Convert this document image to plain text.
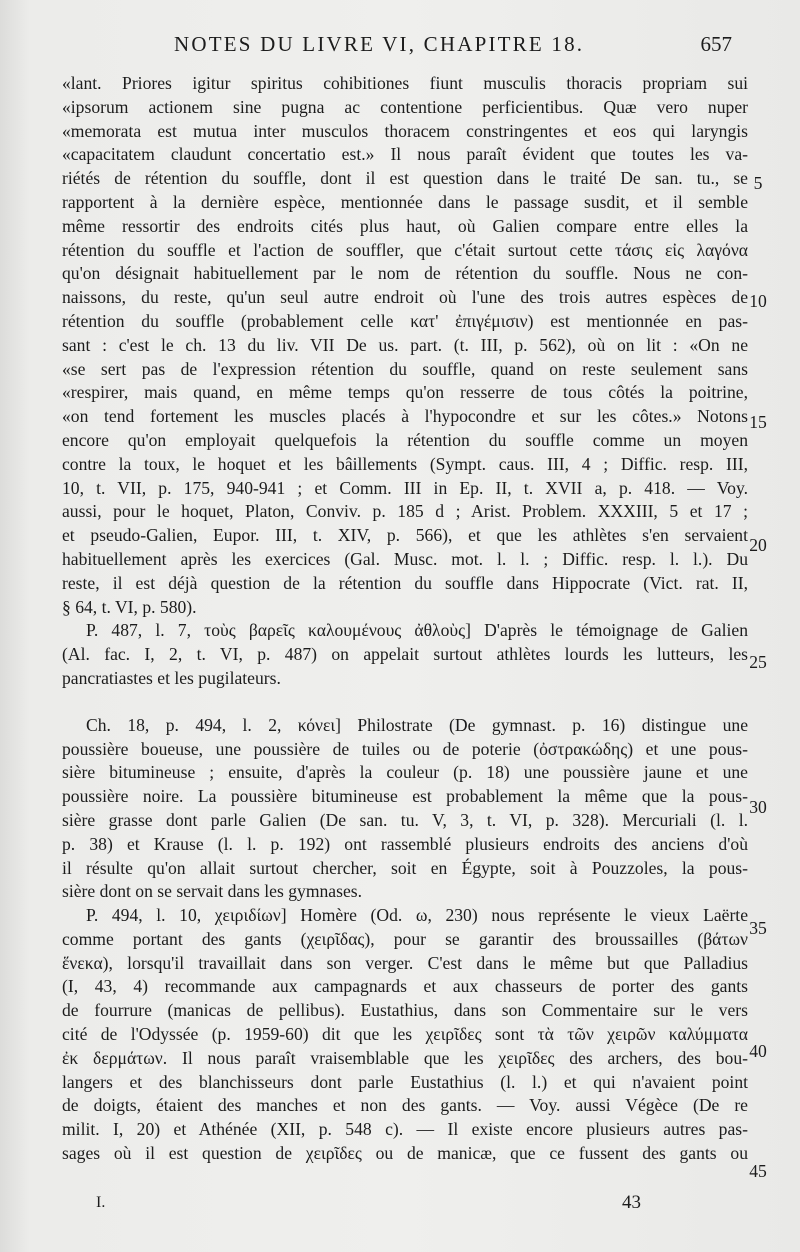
NOTES DU LIVRE VI, CHAPITRE 18.	657
«lant. Priores igitur spiritus cohibitiones fiunt musculis thoracis propriam sui
«ipsorum actionem sine pugna ac contentione perficientibus. Quæ vero nuper
«memorata est mutua inter musculos thoracem constringentes et eos qui laryngis
«capacitatem claudunt concertatio est.» Il nous paraît évident que toutes les va-
riétés de rétention du souffle, dont il est question dans le traité De san. tu., se
rapportent à la dernière espèce, mentionnée dans le passage susdit, et il semble
même ressortir des endroits cités plus haut, où Galien compare entre elles la
rétention du souffle et l'action de souffler, que c'était surtout cette τάσις εἰς λαγόνα
qu'on désignait habituellement par le nom de rétention du souffle. Nous ne con-
naissons, du reste, qu'un seul autre endroit où l'une des trois autres espèces de
rétention du souffle (probablement celle κατ' ἐπιγέμισιν) est mentionnée en pas-
sant : c'est le ch. 13 du liv. VII De us. part. (t. III, p. 562), où on lit : «On ne
«se sert pas de l'expression rétention du souffle, quand on reste seulement sans
«respirer, mais quand, en même temps qu'on resserre de tous côtés la poitrine,
«on tend fortement les muscles placés à l'hypocondre et sur les côtes.» Notons
encore qu'on employait quelquefois la rétention du souffle comme un moyen
contre la toux, le hoquet et les bâillements (Sympt. caus. III, 4 ; Diffic. resp. III,
10, t. VII, p. 175, 940-941 ; et Comm. III in Ep. II, t. XVII a, p. 418. — Voy.
aussi, pour le hoquet, Platon, Conviv. p. 185 d ; Arist. Problem. XXXIII, 5 et 17 ;
et pseudo-Galien, Eupor. III, t. XIV, p. 566), et que les athlètes s'en servaient
habituellement après les exercices (Gal. Musc. mot. l. l. ; Diffic. resp. l. l.). Du
reste, il est déjà question de la rétention du souffle dans Hippocrate (Vict. rat. II,
§ 64, t. VI, p. 580).
P. 487, l. 7, τοὺς βαρεῖς καλουμένους ἀθλοὺς] D'après le témoignage de Galien
(Al. fac. I, 2, t. VI, p. 487) on appelait surtout athlètes lourds les lutteurs, les
pancratiastes et les pugilateurs.
Ch. 18, p. 494, l. 2, κόνει] Philostrate (De gymnast. p. 16) distingue une
poussière boueuse, une poussière de tuiles ou de poterie (ὀστρακώδης) et une pous-
sière bitumineuse ; ensuite, d'après la couleur (p. 18) une poussière jaune et une
poussière noire. La poussière bitumineuse est probablement la même que la pous-
sière grasse dont parle Galien (De san. tu. V, 3, t. VI, p. 328). Mercuriali (l. l.
p. 38) et Krause (l. l. p. 192) ont rassemblé plusieurs endroits des anciens d'où
il résulte qu'on allait surtout chercher, soit en Égypte, soit à Pouzzoles, la pous-
sière dont on se servait dans les gymnases.
P. 494, l. 10, χειριδίων] Homère (Od. ω, 230) nous représente le vieux Laërte
comme portant des gants (χειρῖδας), pour se garantir des broussailles (βάτων
ἕνεκα), lorsqu'il travaillait dans son verger. C'est dans le même but que Palladius
(I, 43, 4) recommande aux campagnards et aux chasseurs de porter des gants
de fourrure (manicas de pellibus). Eustathius, dans son Commentaire sur le vers
cité de l'Odyssée (p. 1959-60) dit que les χειρῖδες sont τὰ τῶν χειρῶν καλύμματα
ἐκ δερμάτων. Il nous paraît vraisemblable que les χειρῖδες des archers, des bou-
langers et des blanchisseurs dont parle Eustathius (l. l.) et qui n'avaient point
de doigts, étaient des manches et non des gants. — Voy. aussi Végèce (De re
milit. I, 20) et Athénée (XII, p. 548 c). — Il existe encore plusieurs autres pas-
sages où il est question de χειρῖδες ou de manicæ, que ce fussent des gants ou
5
10
15
20
25
30
35
40
45
I.	43
